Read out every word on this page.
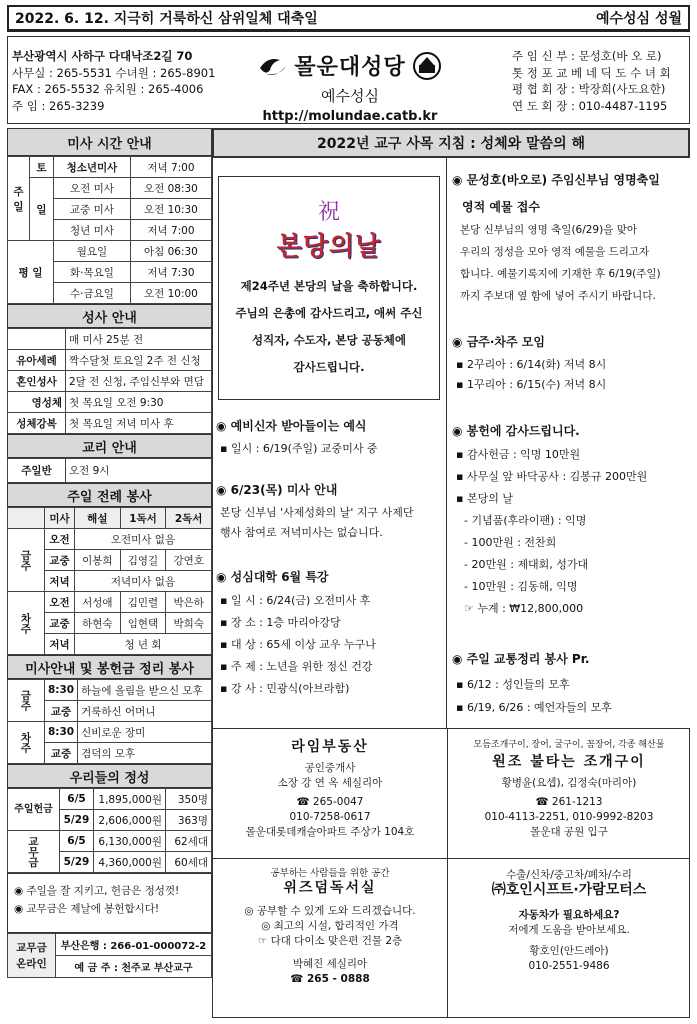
2022. 6. 12. 지극히 거룩하신 삼위일체 대축일	예수성심 성월
부산광역시 사하구 다대낙조2길 70
사무실 : 265-5531 수녀원 : 265-8901
FAX : 265-5532 유치원 : 265-4006
주 임 : 265-3239
몰운대성당
예수성심
http://molundae.catb.kr
주 임 신 부 : 문성호(바 오 로)
톳 정 포 교 베 네 딕 도 수 녀 회
평 협 회 장 : 박장희(사도요한)
연 도 회 장 : 010-4487-1195
미사 시간 안내
주일	토	청소년미사	저녁 7:00
	일	오전 미사	오전 08:30
		교중 미사	오전 10:30
		청년 미사	저녁 7:00
평 일		월요일	아침 06:30
		화·목요일	저녁 7:30
		수·금요일	오전 10:00
성사 안내
	매 미사 25분 전
유아세례	짝수달첫 토요일 2주 전 신청
혼인성사	2달 전 신청, 주임신부와 면담
영성체	첫 목요일 오전 9:30
성체강복	첫 목요일 저녁 미사 후
교리 안내
주일반	오전 9시
주일 전례 봉사
	미사	해설	1독서	2독서
금주	오전	오전미사 없음		
	교중	이봉희	김영길	강연호
	저녁	저녁미사 없음		
차주	오전	서성애	김민렬	박은하
	교중	하현숙	임현택	박희숙
	저녁	청 년 회		
미사안내 및 봉헌금 정리 봉사
금주	8:30	하늘에 올림을 받으신 모후
	교중	거룩하신 어머니
차주	8:30	신비로운 장미
	교중	겸덕의 모후
우리들의 정성
주일헌금	6/5	1,895,000원	350명
	5/29	2,606,000원	363명
교무금	6/5	6,130,000원	62세대
	5/29	4,360,000원	60세대
◉ 주일을 잘 지키고, 헌금은 정성껏!
◉ 교무금은 제날에 봉헌합시다!
교무금 온라인	부산은행 : 266-01-000072-2
예 금 주 : 천주교 부산교구
2022년 교구 사목 지침 : 성체와 말씀의 해
祝
본당의날
제24주년 본당의 날을 축하합니다.
주님의 은총에 감사드리고, 애써 주신
성직자, 수도자, 본당 공동체에
감사드립니다.
◉ 예비신자 받아들이는 예식
▪ 일시 : 6/19(주일) 교중미사 중
◉ 6/23(목) 미사 안내
본당 신부님 '사제성화의 날' 지구 사제단
행사 참여로 저녁미사는 없습니다.
◉ 성심대학 6월 특강
▪ 일 시 : 6/24(금) 오전미사 후
▪ 장 소 : 1층 마리아강당
▪ 대 상 : 65세 이상 교우 누구나
▪ 주 제 : 노년을 위한 정신 건강
▪ 강 사 : 민광식(아브라함)
◉ 문성호(바오로) 주임신부님 영명축일
영적 예물 접수
본당 신부님의 영명 축일(6/29)을 맞아
우리의 정성을 모아 영적 예물을 드리고자
합니다. 예물기록지에 기재한 후 6/19(주일)
까지 주보대 옆 함에 넣어 주시기 바랍니다.
◉ 금주·차주 모임
▪ 2꾸리아 : 6/14(화) 저녁 8시
▪ 1꾸리아 : 6/15(수) 저녁 8시
◉ 봉헌에 감사드립니다.
▪ 감사헌금 : 익명 10만원
▪ 사무실 앞 바닥공사 : 김봉규 200만원
▪ 본당의 날
- 기념품(후라이팬) : 익명
- 100만원 : 전찬희
- 20만원 : 제대회, 성가대
- 10만원 : 김동해, 익명
☞ 누계 : ₩12,800,000
◉ 주일 교통정리 봉사 Pr.
▪ 6/12 : 성인들의 모후
▪ 6/19, 6/26 : 예언자들의 모후
라임부동산
공인중개사
소장 강 연 옥 세실리아
☎ 265-0047
010-7258-0617
몰운대롯데캐슬아파트 주상가 104호
모듬조개구이, 장어, 굴구이, 꼼장어, 각종 해산물
원조 불타는 조개구이
황병윤(요셉), 김정숙(마리아)
☎ 261-1213
010-4113-2251, 010-9992-8203
몰운대 공원 입구
공부하는 사람들을 위한 공간
위즈덤독서실
◎ 공부할 수 있게 도와 드리겠습니다.
◎ 최고의 시설, 합리적인 가격
☞ 다대 다이소 맞은편 건물 2층
박혜진 세실리아
☎ 265 - 0888
수출/신차/중고차/폐차/수리
㈜호인시프트·가람모터스
자동차가 필요하세요?
저에게 도움을 받아보세요.
황호인(안드레아)
010-2551-9486
